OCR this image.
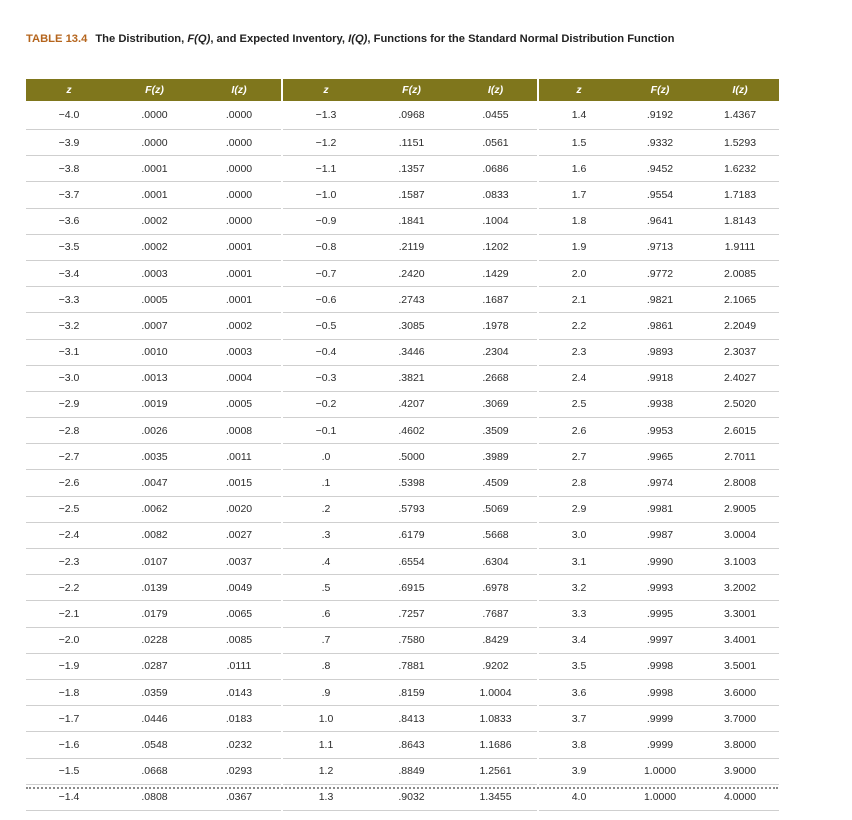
TABLE 13.4 The Distribution, F(Q), and Expected Inventory, I(Q), Functions for the Standard Normal Distribution Function
z	F(z)	I(z)
−4.0	.0000	.0000
−3.9	.0000	.0000
−3.8	.0001	.0000
−3.7	.0001	.0000
−3.6	.0002	.0000
−3.5	.0002	.0001
−3.4	.0003	.0001
−3.3	.0005	.0001
−3.2	.0007	.0002
−3.1	.0010	.0003
−3.0	.0013	.0004
−2.9	.0019	.0005
−2.8	.0026	.0008
−2.7	.0035	.0011
−2.6	.0047	.0015
−2.5	.0062	.0020
−2.4	.0082	.0027
−2.3	.0107	.0037
−2.2	.0139	.0049
−2.1	.0179	.0065
−2.0	.0228	.0085
−1.9	.0287	.0111
−1.8	.0359	.0143
−1.7	.0446	.0183
−1.6	.0548	.0232
−1.5	.0668	.0293
−1.4	.0808	.0367
z	F(z)	I(z)
−1.3	.0968	.0455
−1.2	.1151	.0561
−1.1	.1357	.0686
−1.0	.1587	.0833
−0.9	.1841	.1004
−0.8	.2119	.1202
−0.7	.2420	.1429
−0.6	.2743	.1687
−0.5	.3085	.1978
−0.4	.3446	.2304
−0.3	.3821	.2668
−0.2	.4207	.3069
−0.1	.4602	.3509
.0	.5000	.3989
.1	.5398	.4509
.2	.5793	.5069
.3	.6179	.5668
.4	.6554	.6304
.5	.6915	.6978
.6	.7257	.7687
.7	.7580	.8429
.8	.7881	.9202
.9	.8159	1.0004
1.0	.8413	1.0833
1.1	.8643	1.1686
1.2	.8849	1.2561
1.3	.9032	1.3455
z	F(z)	I(z)
1.4	.9192	1.4367
1.5	.9332	1.5293
1.6	.9452	1.6232
1.7	.9554	1.7183
1.8	.9641	1.8143
1.9	.9713	1.9111
2.0	.9772	2.0085
2.1	.9821	2.1065
2.2	.9861	2.2049
2.3	.9893	2.3037
2.4	.9918	2.4027
2.5	.9938	2.5020
2.6	.9953	2.6015
2.7	.9965	2.7011
2.8	.9974	2.8008
2.9	.9981	2.9005
3.0	.9987	3.0004
3.1	.9990	3.1003
3.2	.9993	3.2002
3.3	.9995	3.3001
3.4	.9997	3.4001
3.5	.9998	3.5001
3.6	.9998	3.6000
3.7	.9999	3.7000
3.8	.9999	3.8000
3.9	1.0000	3.9000
4.0	1.0000	4.0000
